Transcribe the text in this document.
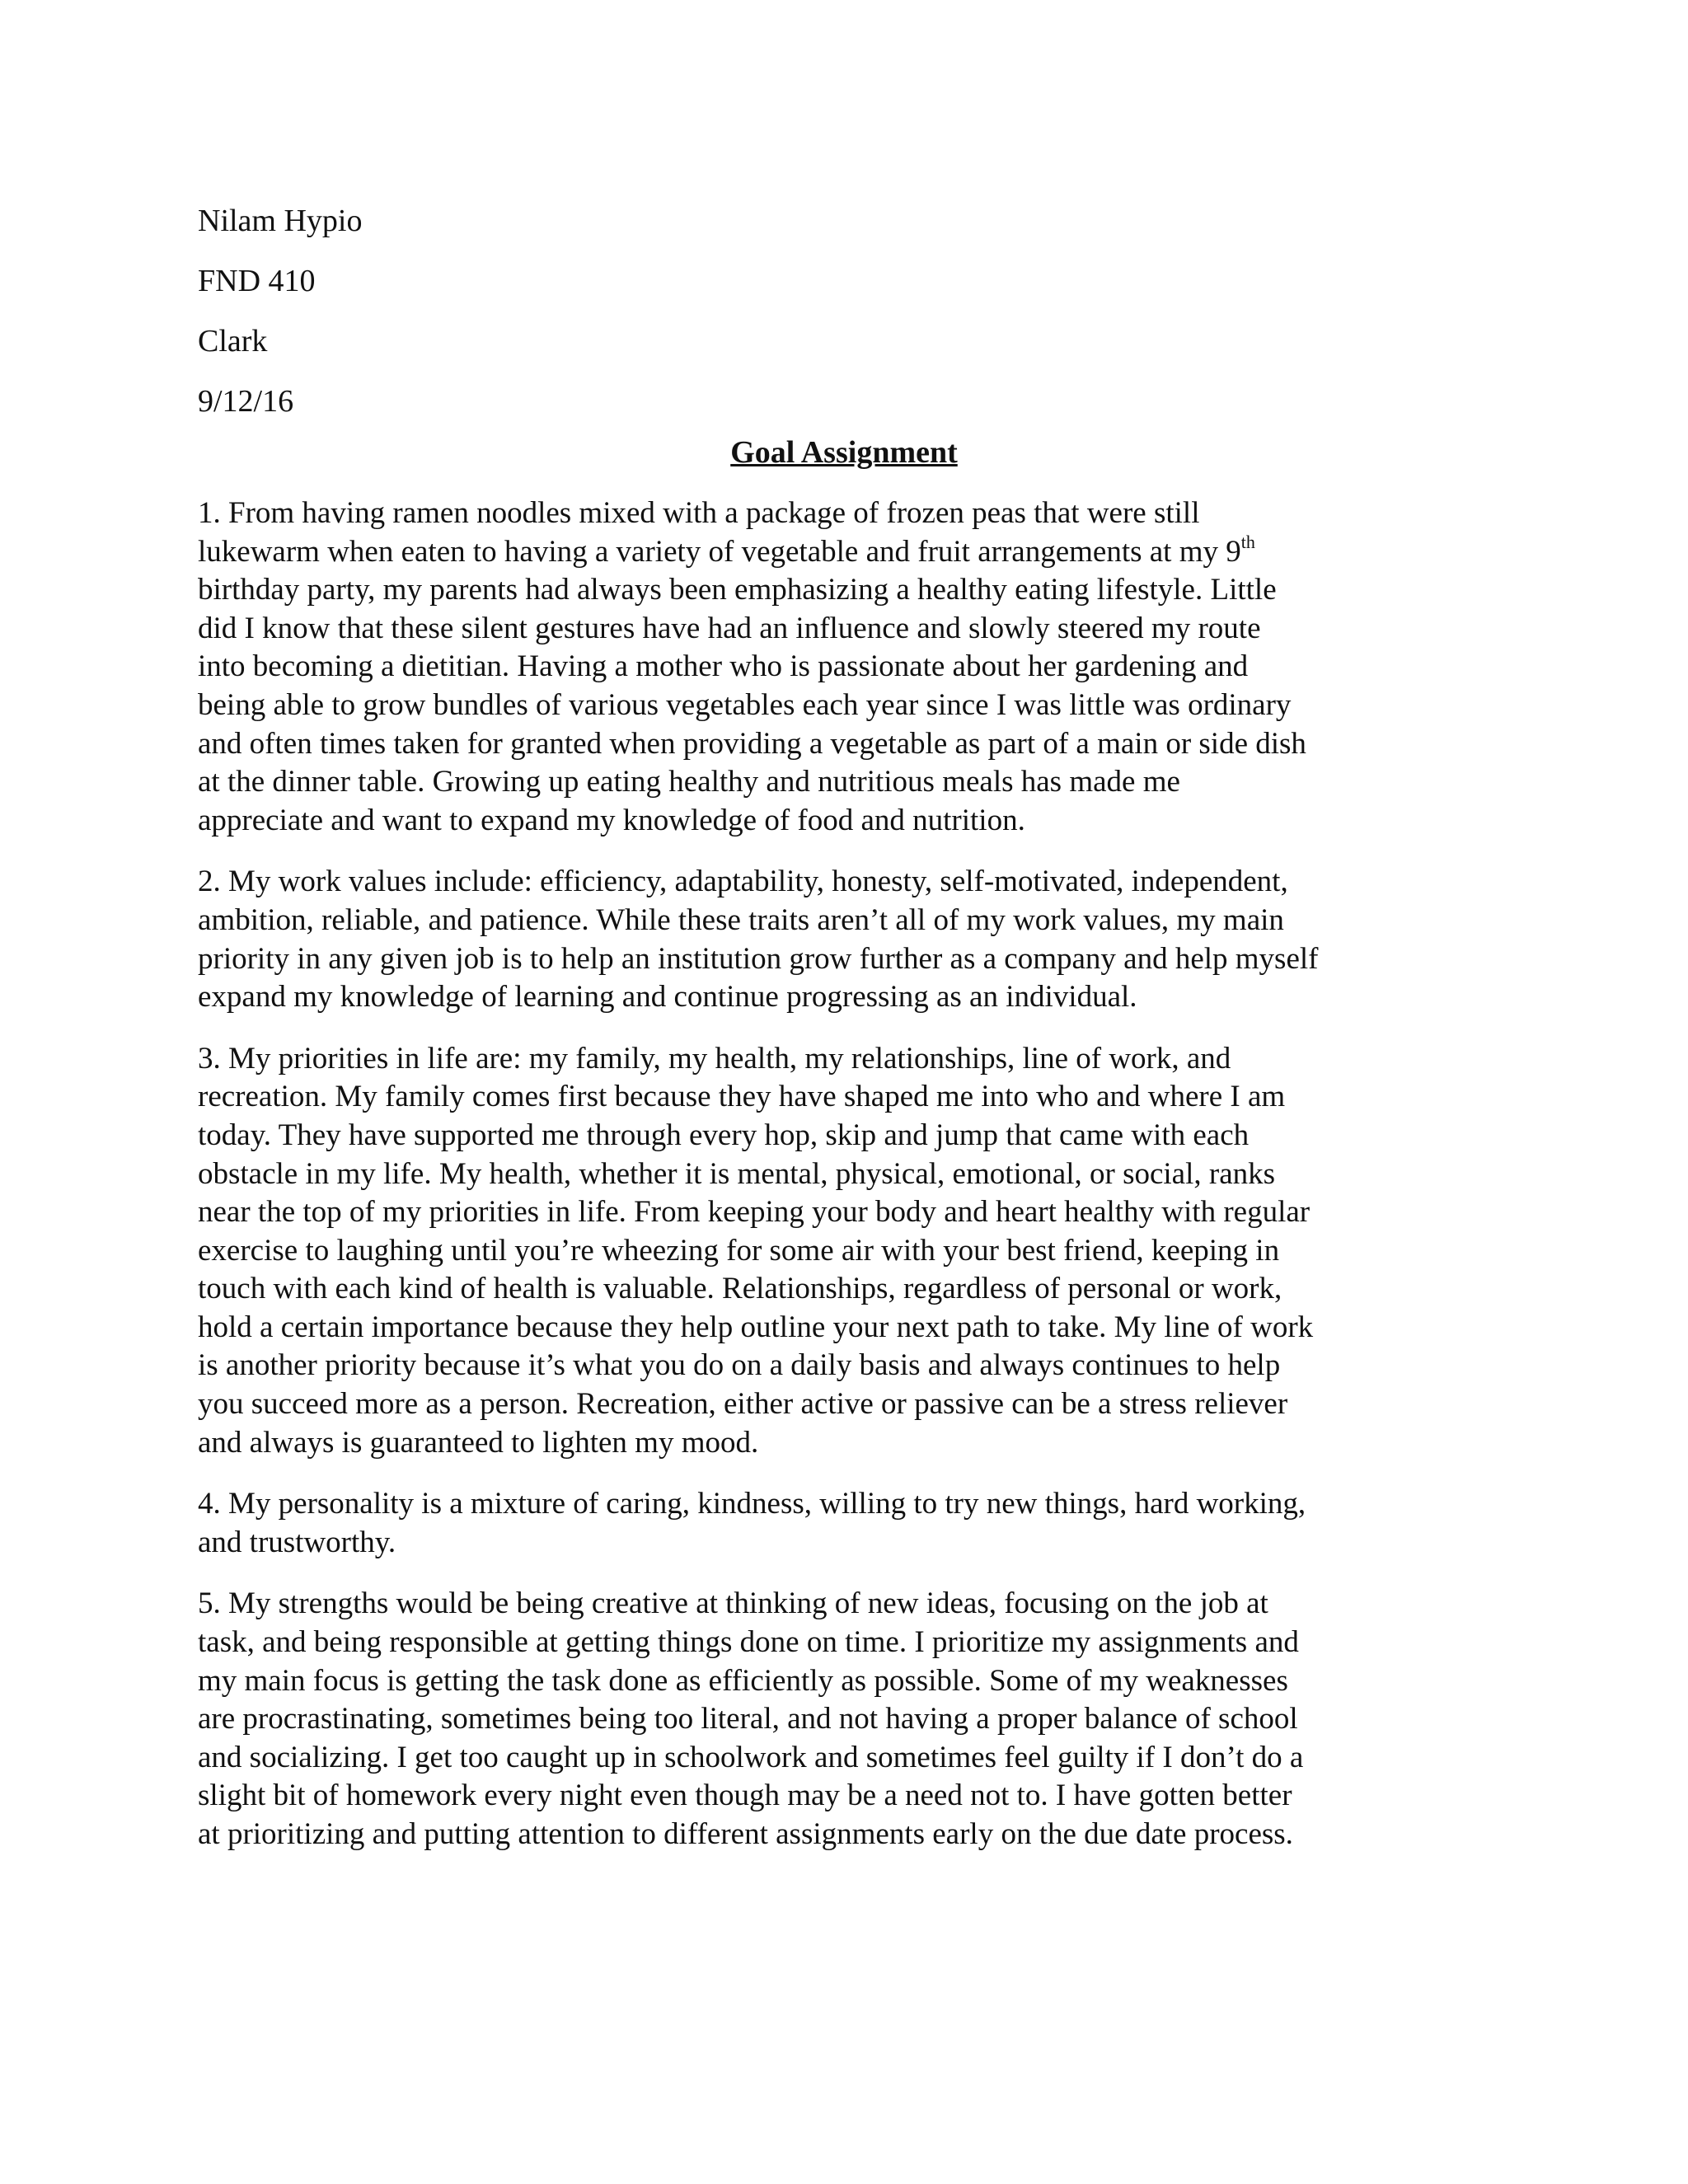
Nilam Hypio
FND 410
Clark
9/12/16
Goal Assignment
1. From having ramen noodles mixed with a package of frozen peas that were still
lukewarm when eaten to having a variety of vegetable and fruit arrangements at my 9th
birthday party, my parents had always been emphasizing a healthy eating lifestyle. Little
did I know that these silent gestures have had an influence and slowly steered my route
into becoming a dietitian. Having a mother who is passionate about her gardening and
being able to grow bundles of various vegetables each year since I was little was ordinary
and often times taken for granted when providing a vegetable as part of a main or side dish
at the dinner table. Growing up eating healthy and nutritious meals has made me
appreciate and want to expand my knowledge of food and nutrition.
2. My work values include: efficiency, adaptability, honesty, self-motivated, independent,
ambition, reliable, and patience. While these traits aren’t all of my work values, my main
priority in any given job is to help an institution grow further as a company and help myself
expand my knowledge of learning and continue progressing as an individual.
3. My priorities in life are: my family, my health, my relationships, line of work, and
recreation. My family comes first because they have shaped me into who and where I am
today. They have supported me through every hop, skip and jump that came with each
obstacle in my life. My health, whether it is mental, physical, emotional, or social, ranks
near the top of my priorities in life. From keeping your body and heart healthy with regular
exercise to laughing until you’re wheezing for some air with your best friend, keeping in
touch with each kind of health is valuable. Relationships, regardless of personal or work,
hold a certain importance because they help outline your next path to take. My line of work
is another priority because it’s what you do on a daily basis and always continues to help
you succeed more as a person. Recreation, either active or passive can be a stress reliever
and always is guaranteed to lighten my mood.
4. My personality is a mixture of caring, kindness, willing to try new things, hard working,
and trustworthy.
5. My strengths would be being creative at thinking of new ideas, focusing on the job at
task, and being responsible at getting things done on time. I prioritize my assignments and
my main focus is getting the task done as efficiently as possible. Some of my weaknesses
are procrastinating, sometimes being too literal, and not having a proper balance of school
and socializing. I get too caught up in schoolwork and sometimes feel guilty if I don’t do a
slight bit of homework every night even though may be a need not to. I have gotten better
at prioritizing and putting attention to different assignments early on the due date process.
